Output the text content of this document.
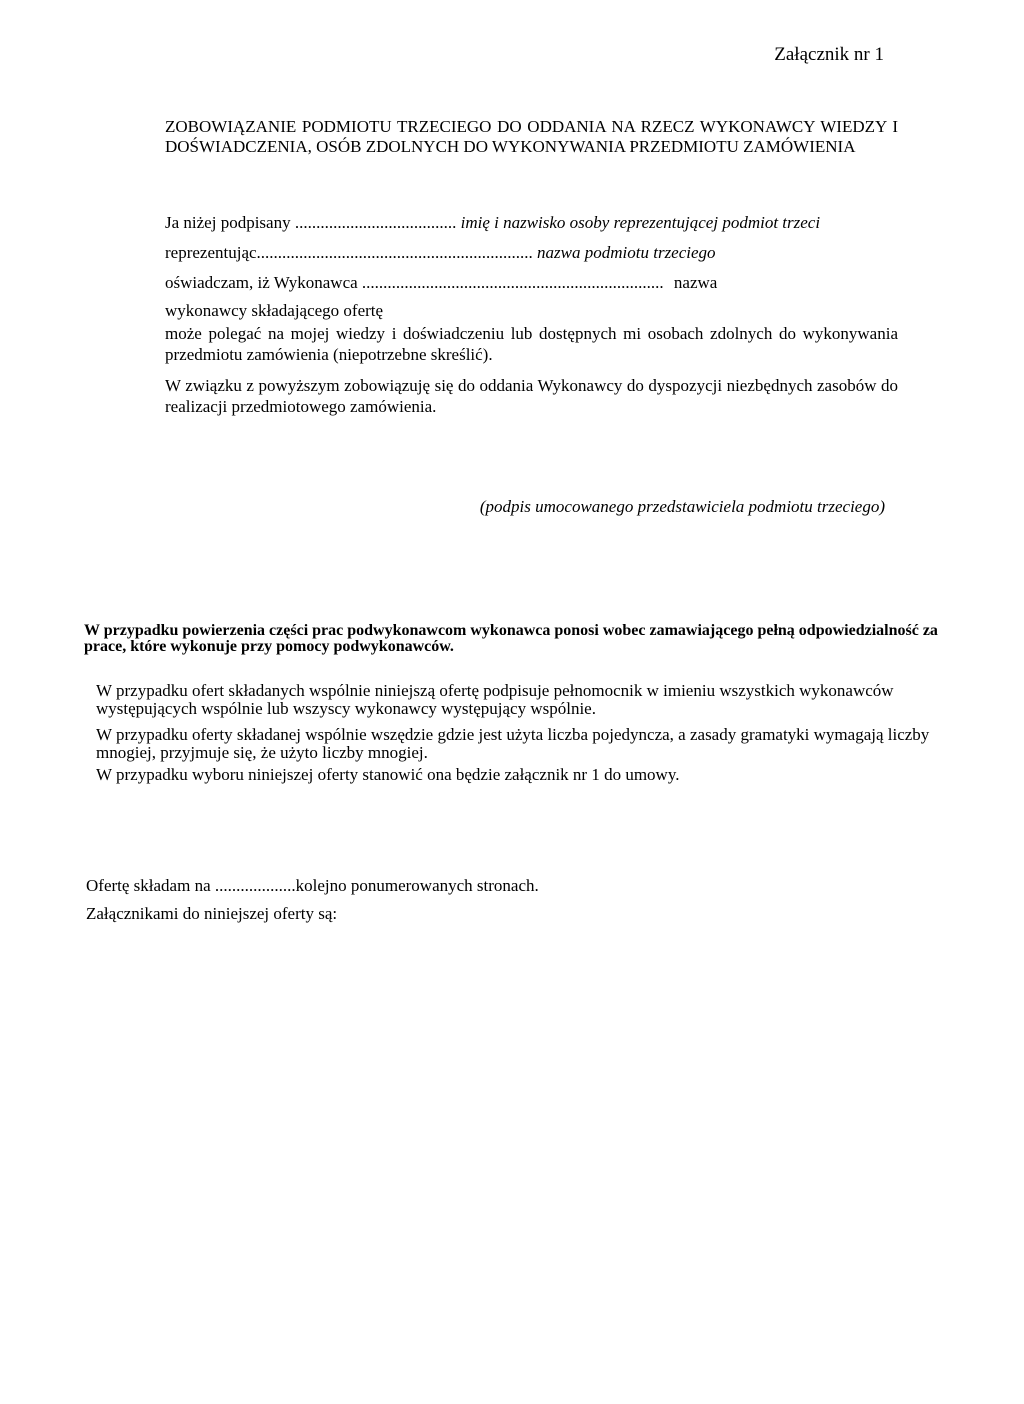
Załącznik nr 1
ZOBOWIĄZANIE PODMIOTU TRZECIEGO DO ODDANIA NA RZECZ WYKONAWCY WIEDZY I DOŚWIADCZENIA, OSÓB ZDOLNYCH DO WYKONYWANIA PRZEDMIOTU ZAMÓWIENIA
Ja niżej podpisany ...................................... imię i nazwisko osoby reprezentującej podmiot trzeci
reprezentując................................................................. nazwa podmiotu trzeciego
oświadczam, iż Wykonawca ....................................................................... nazwa
wykonawcy składającego ofertę
może polegać na mojej wiedzy i doświadczeniu lub dostępnych mi osobach zdolnych do wykonywania przedmiotu zamówienia (niepotrzebne skreślić).
W związku z powyższym zobowiązuję się do oddania Wykonawcy do dyspozycji niezbędnych zasobów do realizacji przedmiotowego zamówienia.
(podpis umocowanego przedstawiciela podmiotu trzeciego)
W przypadku powierzenia części prac podwykonawcom wykonawca ponosi wobec zamawiającego pełną odpowiedzialność za prace, które wykonuje przy pomocy podwykonawców.
W przypadku ofert składanych wspólnie niniejszą ofertę podpisuje pełnomocnik w imieniu wszystkich wykonawców występujących wspólnie lub wszyscy wykonawcy występujący wspólnie.
W przypadku oferty składanej wspólnie wszędzie gdzie jest użyta liczba pojedyncza, a zasady gramatyki wymagają liczby mnogiej, przyjmuje się, że użyto liczby mnogiej.
W przypadku wyboru niniejszej oferty stanowić ona będzie załącznik nr 1 do umowy.
Ofertę składam na ...................kolejno ponumerowanych stronach.
Załącznikami do niniejszej oferty są:
